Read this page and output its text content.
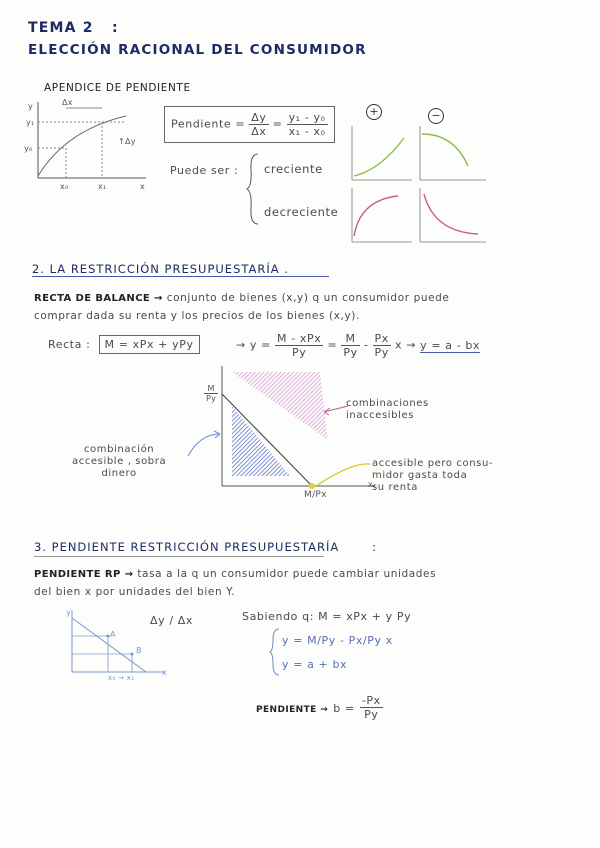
TEMA 2 :
ELECCIÓN RACIONAL DEL CONSUMIDOR
APENDICE DE PENDIENTE
y
y₁
y₀
x₀	x₁	x
Δx
↑Δy
Pendiente = $\frac{\Delta y}{\Delta x} = \frac{\text{y₁ - y₀}}{\text{x₁ - x₀}}$
Puede ser : creciente
decreciente
+	−
2. LA RESTRICCIÓN PRESUPUESTARÍA .
RECTA DE BALANCE → conjunto de bienes (x,y) q un consumidor puede
comprar dada su renta y los precios de los bienes (x,y).
Recta : M = xPx + yPy	→ $y = \frac{\text{M - xPx}}{Py} = \frac{M}{Py} - \frac{Px}{Py}$ x → y = a - bx
$\frac{M}{Py}$
M/Px
x
combinaciones
inaccesibles
combinación
accesible , sobra
dinero
accesible pero consu-
midor gasta toda
su renta
3. PENDIENTE RESTRICCIÓN PRESUPUESTARÍA	:
PENDIENTE RP → tasa a la q un consumidor puede cambiar unidades
del bien x por unidades del bien Y.
y
A
B
x
x₀ → x₁
Δy / Δx	Sabiendo q: M = xPx + y Py
y = M/Py - Px/Py x
y = a + bx
PENDIENTE → $b = \frac{-Px}{Py}$
